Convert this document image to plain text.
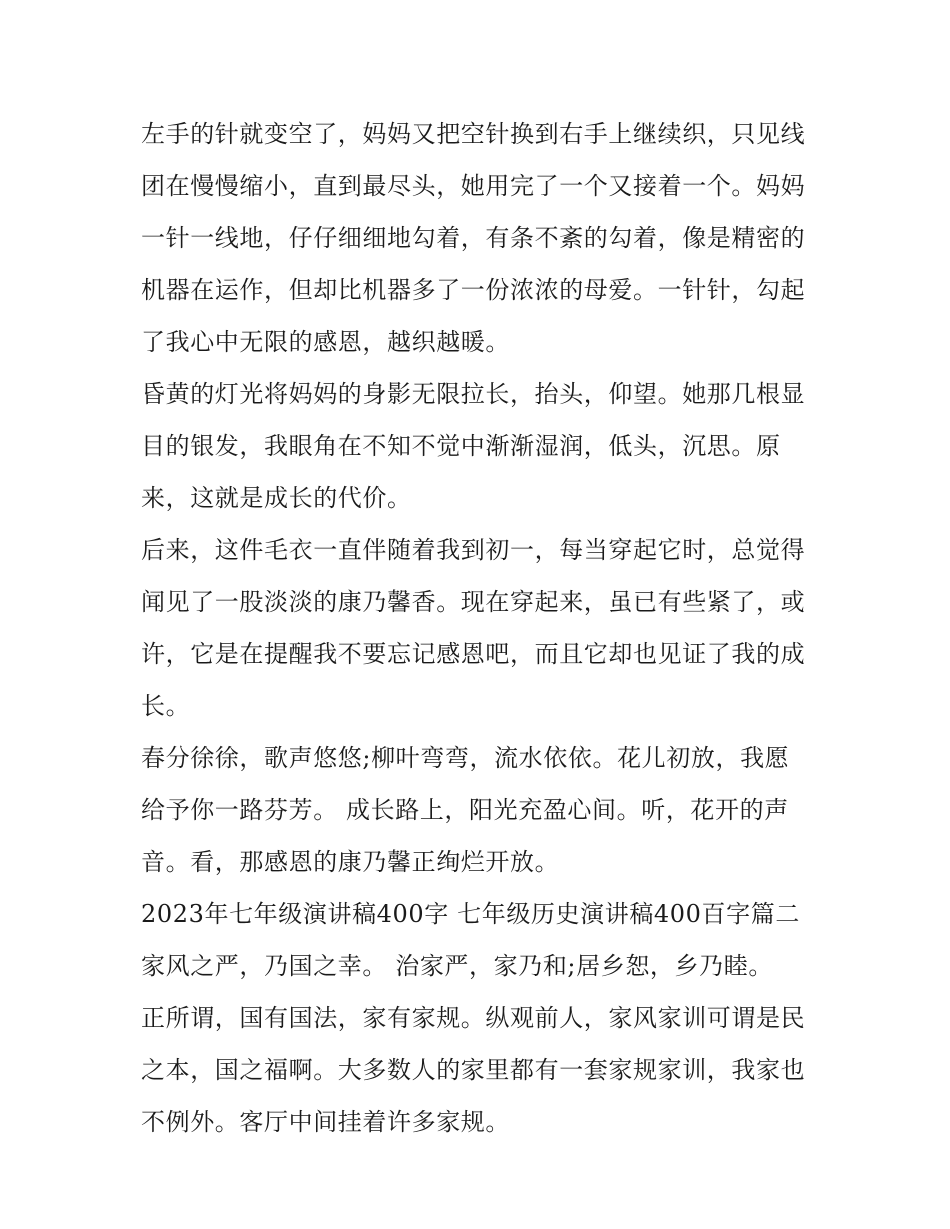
左手的针就变空了，妈妈又把空针换到右手上继续织，只见线
团在慢慢缩小，直到最尽头，她用完了一个又接着一个。妈妈
一针一线地，仔仔细细地勾着，有条不紊的勾着，像是精密的
机器在运作，但却比机器多了一份浓浓的母爱。一针针，勾起
了我心中无限的感恩，越织越暖。
昏黄的灯光将妈妈的身影无限拉长，抬头，仰望。她那几根显
目的银发，我眼角在不知不觉中渐渐湿润，低头，沉思。原
来，这就是成长的代价。
后来，这件毛衣一直伴随着我到初一，每当穿起它时，总觉得
闻见了一股淡淡的康乃馨香。现在穿起来，虽已有些紧了，或
许，它是在提醒我不要忘记感恩吧，而且它却也见证了我的成
长。
春分徐徐，歌声悠悠;柳叶弯弯，流水依依。花儿初放，我愿
给予你一路芬芳。 成长路上，阳光充盈心间。听，花开的声
音。看，那感恩的康乃馨正绚烂开放。
2023年七年级演讲稿400字 七年级历史演讲稿400百字篇二
家风之严，乃国之幸。 治家严，家乃和;居乡恕，乡乃睦。
正所谓，国有国法，家有家规。纵观前人，家风家训可谓是民
之本，国之福啊。大多数人的家里都有一套家规家训，我家也
不例外。客厅中间挂着许多家规。
